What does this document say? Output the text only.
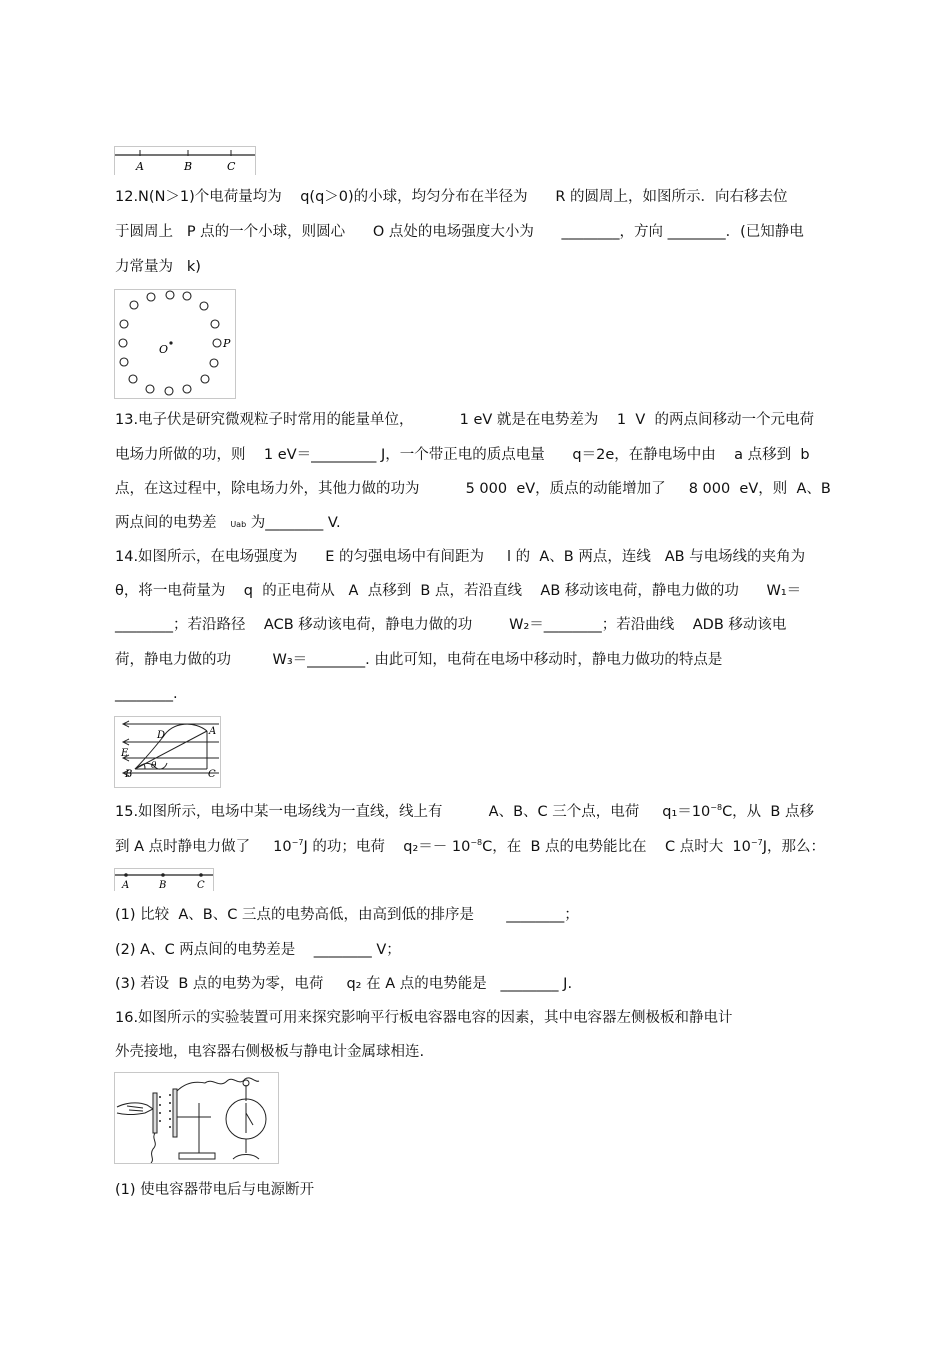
A	B	C
12.N(N＞1)个电荷量均为    q(q＞0)的小球，均匀分布在半径为      R 的圆周上，如图所示．向右移去位
于圆周上   P 点的一个小球，则圆心      O 点处的电场强度大小为      ________，方向 ________．(已知静电
力常量为   k)
O	P
13.电子伏是研究微观粒子时常用的能量单位，          1 eV 就是在电势差为    1  V  的两点间移动一个元电荷
电场力所做的功，则    1 eV＝_________ J，一个带正电的质点电量      q＝2e，在静电场中由    a 点移到  b
点，在这过程中，除电场力外，其他力做的功为          5 000  eV，质点的动能增加了     8 000  eV，则  A、B
两点间的电势差   Uab 为________ V.
14.如图所示，在电场强度为      E 的匀强电场中有间距为     l 的  A、B 两点，连线   AB 与电场线的夹角为
θ，将一电荷量为    q  的正电荷从   A  点移到  B 点，若沿直线    AB 移动该电荷，静电力做的功      W₁＝
________；若沿路径    ACB 移动该电荷，静电力做的功        W₂＝________；若沿曲线    ADB 移动该电
荷，静电力做的功         W₃＝________. 由此可知，电荷在电场中移动时，静电力做功的特点是
________.
D	A
E
B
θ
C
15.如图所示，电场中某一电场线为一直线，线上有          A、B、C 三个点，电荷     $q_1=10^{-8}C$，从  B 点移
到 A 点时静电力做了     $10^{-7}J$ 的功；电荷    $q_2=- 10^{-8}C$，在  B 点的电势能比在    C 点时大  $10^{-7}J$，那么：
A	B	C
(1) 比较  A、B、C 三点的电势高低，由高到低的排序是       ________；
(2) A、C 两点间的电势差是    ________ V；
(3) 若设  B 点的电势为零，电荷     q₂ 在 A 点的电势能是   ________ J.
16.如图所示的实验装置可用来探究影响平行板电容器电容的因素，其中电容器左侧极板和静电计
外壳接地，电容器右侧极板与静电计金属球相连.
(1) 使电容器带电后与电源断开
